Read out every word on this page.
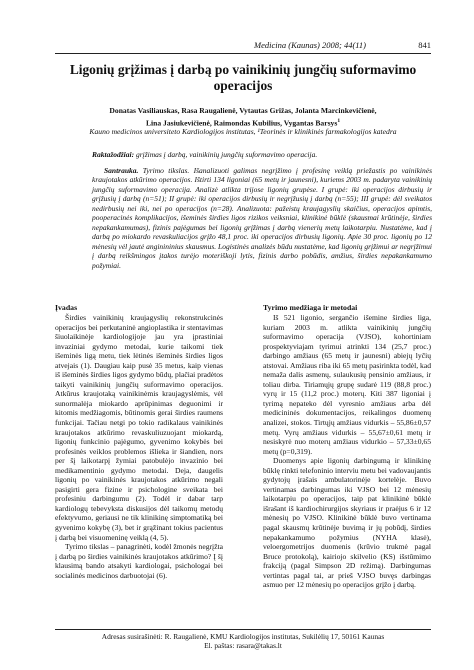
Medicina (Kaunas) 2008; 44(11)	841
Ligonių grįžimas į darbą po vainikinių jungčių suformavimo operacijos
Donatas Vasiliauskas, Rasa Raugalienė, Vytautas Grižas, Jolanta Marcinkevičienė,
Lina Jasiukevičienė, Raimondas Kubilius, Vygantas Barsys$^1$
Kauno medicinos universiteto Kardiologijos institutas, ¹Teorinės ir klinikinės farmakologijos katedra
Raktažodžiai: grįžimas į darbą, vainikinių jungčių suformavimo operacija.

Santrauka. Tyrimo tikslas. Išanalizuoti galimas negrįžimo į profesinę veiklą priežastis po vainikinės kraujotakos atkūrimo operacijos. Ištirti 134 ligoniai (65 metų ir jaunesni), kuriems 2003 m. padaryta vainikinių jungčių suformavimo operacija. Analizė atlikta trijose ligonių grupėse. I grupė: iki operacijos dirbusių ir grįžusių į darbą (n=51); II grupė: iki operacijos dirbusių ir negrįžusių į darbą (n=55); III grupė: dėl sveikatos nedirbusių nei iki, nei po operacijos (n=28). Analizuota: pažeistų kraujagyslių skaičius, operacijos apimtis, pooperacinės komplikacijos, išeminės širdies ligos rizikos veiksniai, klinikinė būklė (skausmai krūtinėje, širdies nepakankamumas), fizinis pajėgumas bei ligonių grįžimas į darbą vienerių metų laikotarpiu. Nustatėme, kad į darbą po miokardo revaskuliacijos grįžo 48,1 proc. iki operacijos dirbusių ligonių. Apie 30 proc. ligonių po 12 mėnesių vėl jautė anginininius skausmus. Logistinės analizės būdu nustatėme, kad ligonių grįžimui ar negrįžimui į darbą reikšmingos įtakos turėjo moteriškoji lytis, fizinis darbo pobūdis, amžius, širdies nepakankamumo požymiai.

Įvadas

Širdies vainikinių kraujagyslių rekonstrukcinės operacijos bei perkutaninė angioplastika ir stentavimas šiuolaikinėje kardiologijoje jau yra įprastiniai invaziniai gydymo metodai, kurie taikomi tiek išeminės ligą metu, tiek lėtinės išeminės širdies ligos atvejais (1). Daugiau kaip pusė 35 metus, kaip vienas iš išeminės širdies ligos gydymo būdų, plačiai pradėtos taikyti vainikinių jungčių suformavimo operacijos. Atkūrus kraujotaką vainikinėmis kraujagyslėmis, vėl sunormalėja miokardo aprūpinimas deguonimi ir kitomis medžiagomis, būtinomis gerai širdies raumens funkcijai. Tačiau netgi po tokio radikalaus vainikinės kraujotakos atkūrimo revaskuliuzuojant miokardą, ligonių funkcinio pajėgumo, gyvenimo kokybės bei profesinės veiklos problemos išlieka ir šiandien, nors per šį laikotarpį žymiai patobulėjo invazinio bei medikamentinio gydymo metodai. Deja, daugelis ligonių po vainikinės kraujotakos atkūrimo negali pasigirti gera fizine ir psichologine sveikata bei profesiniu darbingumu (2). Todėl ir dabar tarp kardiologų tebevyksta diskusijos dėl taikomų metodų efektyvumo, geriausi ne tik klinikinę simptomatiką bei gyvenimo kokybę (3), bet ir grąžinant tokius pacientus į darbą bei visuomeninę veiklą (4, 5).

Tyrimo tikslas – panagrinėti, kodėl žmonės negrįžta į darbą po širdies vainikinės kraujotakos atkūrimo? Į šį klausimą bando atsakyti kardiologai, psichologai bei socialinės medicinos darbuotojai (6).

Tyrimo medžiaga ir metodai

Iš 521 ligonio, sergančio išemine širdies liga, kuriam 2003 m. atlikta vainikinių jungčių suformavimo operacija (VJSO), kohortiniam prospektyviajam tyrimui atrinkti 134 (25,7 proc.) darbingo amžiaus (65 metų ir jaunesni) abiejų lyčių atstovai. Amžiaus riba iki 65 metų pasirinkta todėl, kad nemaža dalis asmenų, sulaukusių pensinio amžiaus, ir toliau dirba. Tiriamųjų grupę sudarė 119 (88,8 proc.) vyrų ir 15 (11,2 proc.) moterų. Kiti 387 ligoniai į tyrimą nepateko dėl vyresnio amžiaus arba dėl medicininės dokumentacijos, reikalingos duomenų analizei, stokos. Tirtųjų amžiaus vidurkis – 55,86±0,57 metų. Vyrų amžiaus vidurkis – 55,67±0,61 metų ir nesiskyrė nuo moterų amžiaus vidurkio – 57,33±0,65 metų (p=0,319).

Duomenys apie ligonių darbingumą ir klinikinę būklę rinkti telefoninio interviu metu bei vadovaujantis gydytojų įrašais ambulatorinėje kortelėje. Buvo vertinamas darbingumas iki VJSO bei 12 mėnesių laikotarpiu po operacijos, taip pat klinikinė būklė išrašant iš kardiochirurgijos skyriaus ir praėjus 6 ir 12 mėnesių po VJSO. Klinikinė būklė buvo vertinama pagal skausmų krūtinėje buvimą ir jų pobūdį, širdies nepakankamumo požymius (NYHA klasė), veloergometrijos duomenis (krūvio trukmė pagal Bruce protokolą), kairiojo skilvelio (KS) išstūmimo frakciją (pagal Simpson 2D režimą). Darbingumas vertintas pagal tai, ar prieš VJSO buvęs darbingas asmuo per 12 mėnesių po operacijos grįžo į darbą.

Adresas susirašinėti: R. Raugalienė, KMU Kardiologijos institutas, Sukilėlių 17, 50161 Kaunas
El. paštas: rasara@takas.lt
